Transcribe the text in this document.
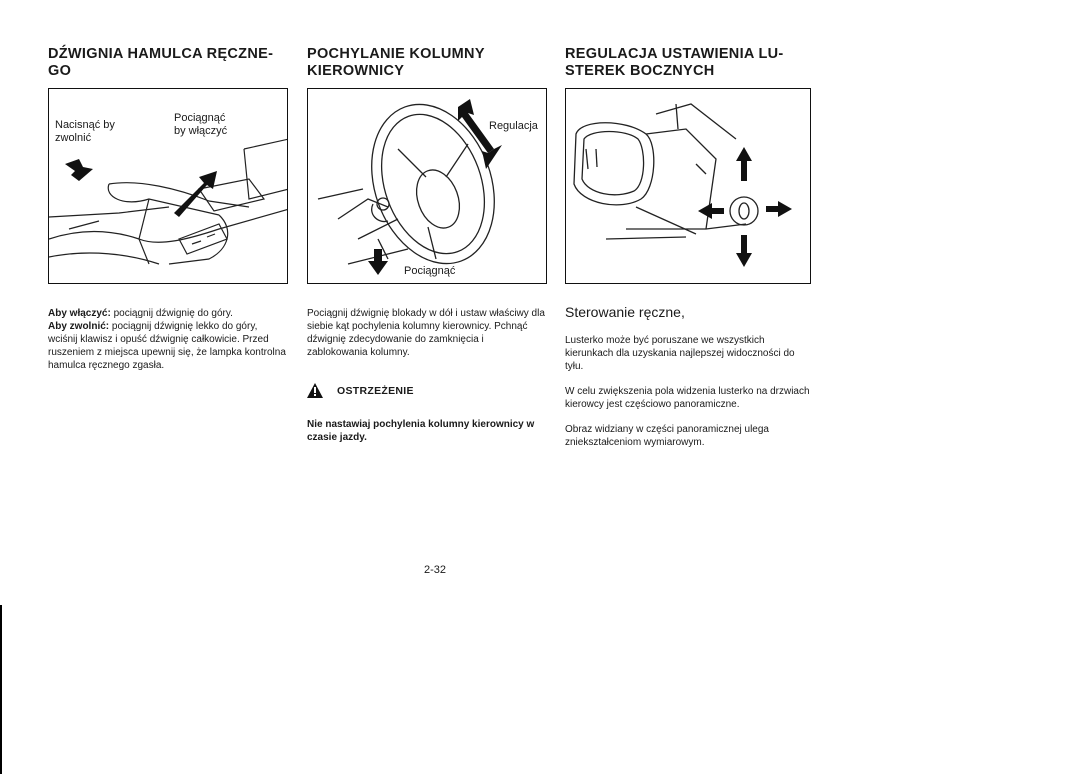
DŹWIGNIA HAMULCA RĘCZNE-
GO
Nacisnąć by
zwolnić
Pociągnąć
by włączyć

Aby włączyć: pociągnij dźwignię do góry.

Aby zwolnić: pociągnij dźwignię lekko do góry, wciśnij klawisz i opuść dźwignię całkowicie. Przed ruszeniem z miejsca upewnij się, że lampka kontrolna hamulca ręcznego zgasła.

POCHYLANIE KOLUMNY
KIEROWNICY
Regulacja
Pociągnąć

Pociągnij dźwignię blokady w dół i ustaw właściwy dla siebie kąt pochylenia kolumny kierownicy. Pchnąć dźwignię zdecydowanie do zamknięcia i zablokowania kolumny.

OSTRZEŻENIE
Nie nastawiaj pochylenia kolumny kierownicy w czasie jazdy.
REGULACJA USTAWIENIA LU-
STEREK BOCZNYCH
Sterowanie ręczne,

Lusterko może być poruszane we wszystkich kierunkach dla uzyskania najlepszej widoczności do tyłu.

W celu zwiększenia pola widzenia lusterko na drzwiach kierowcy jest częściowo panoramiczne.

Obraz widziany w części panoramicznej ulega zniekształceniom wymiarowym.

2-32
